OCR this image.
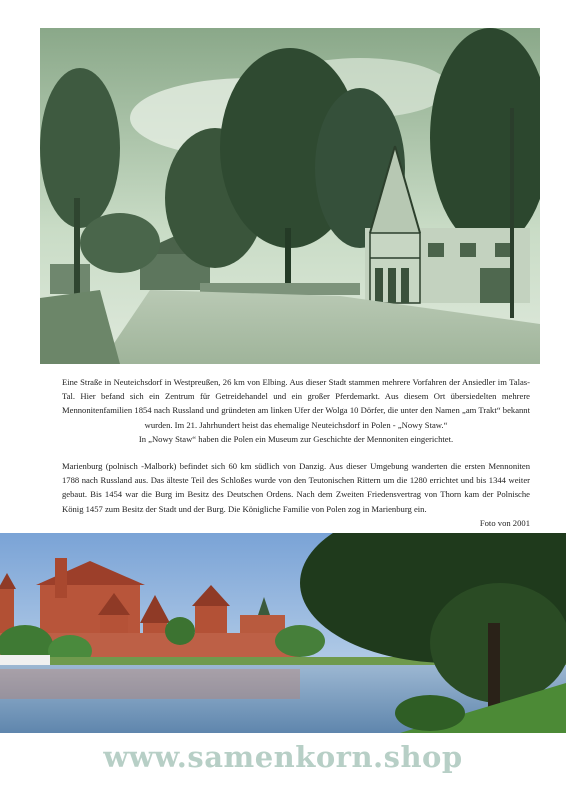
Eine Straße in Neuteichsdorf in Westpreußen, 26 km von Elbing. Aus dieser Stadt stammen mehrere Vorfahren der Ansiedler im Talas-Tal. Hier befand sich ein Zentrum für Getreidehandel und ein großer Pferdemarkt. Aus diesem Ort übersiedelten mehrere Mennonitenfamilien 1854 nach Russland und gründeten am linken Ufer der Wolga 10 Dörfer, die unter den Namen „am Trakt“ bekannt wurden. Im 21. Jahrhundert heist das ehemalige Neuteichsdorf in Polen - „Nowy Staw.“
In „Nowy Staw“ haben die Polen ein Museum zur Geschichte der Mennoniten eingerichtet.

Marienburg (polnisch -Malbork) befindet sich 60 km südlich von Danzig. Aus dieser Umgebung wanderten die ersten Mennoniten 1788 nach Russland aus. Das älteste Teil des Schloßes wurde von den Teutonischen Rittern um die 1280 errichtet und bis 1344 weiter gebaut. Bis 1454 war die Burg im Besitz des Deutschen Ordens. Nach dem Zweiten Friedensvertrag von Thorn kam der Polnische König 1457 zum Besitz der Stadt und der Burg. Die Königliche Familie von Polen zog in Marienburg ein.
Foto von 2001

www.samenkorn.shop
